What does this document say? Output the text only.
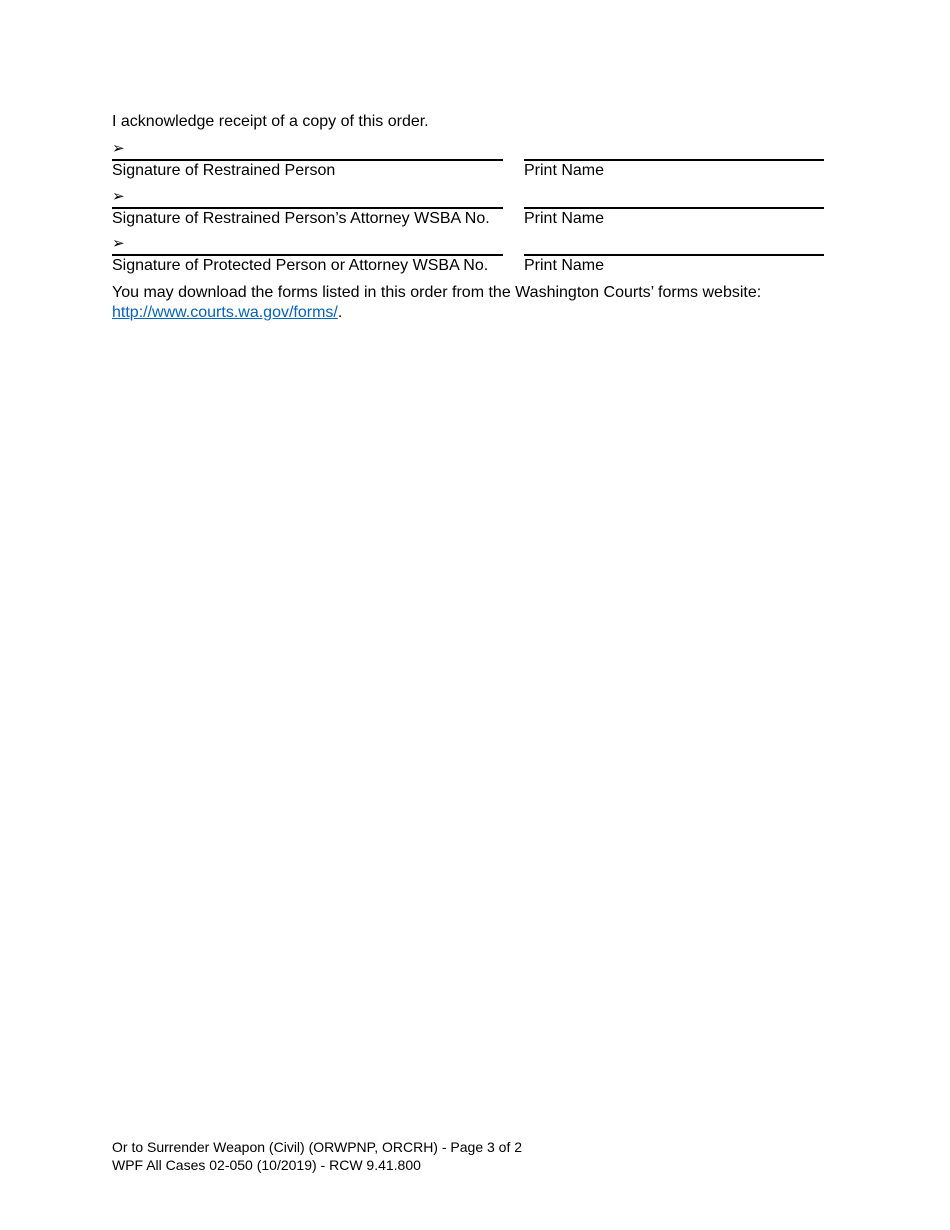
I acknowledge receipt of a copy of this order.
➢
Signature of Restrained Person	Print Name
➢
Signature of Restrained Person’s Attorney WSBA No. Print Name
➢
Signature of Protected Person or Attorney WSBA No. Print Name
You may download the forms listed in this order from the Washington Courts’ forms website:
http://www.courts.wa.gov/forms/.
Or to Surrender Weapon (Civil) (ORWPNP, ORCRH) - Page 3 of 2
WPF All Cases 02-050 (10/2019) - RCW 9.41.800
